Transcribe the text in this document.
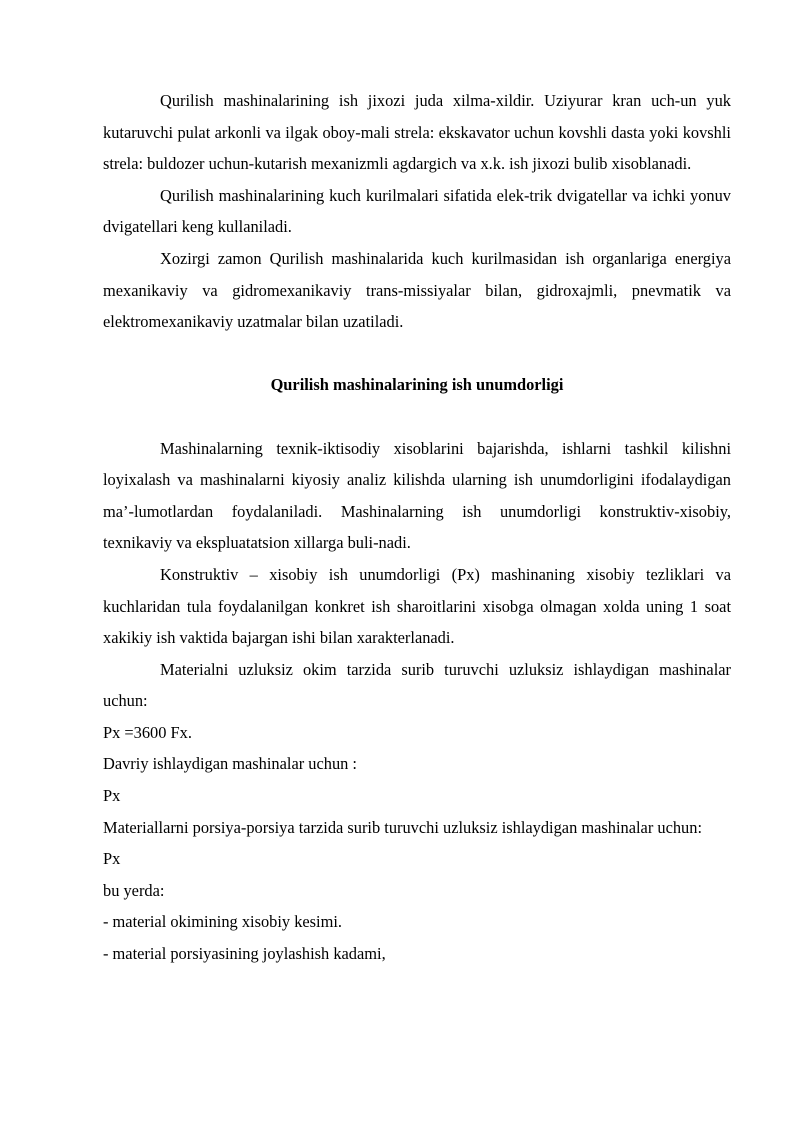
Qurilish mashinalarining ish jixozi juda xilma-xildir. Uziyurar kran uch-un yuk kutaruvchi pulat arkonli va ilgak oboy-mali strela: ekskavator uchun kovshli dasta yoki kovshli strela: buldozer uchun-kutarish mexanizmli agdargich va x.k. ish jixozi bulib xisoblanadi.

Qurilish mashinalarining kuch kurilmalari sifatida elek-trik dvigatellar va ichki yonuv dvigatellari keng kullaniladi.

Xozirgi zamon Qurilish mashinalarida kuch kurilmasidan ish organlariga energiya mexanikaviy va gidromexanikaviy trans-missiyalar bilan, gidroxajmli, pnevmatik va elektromexanikaviy uzatmalar bilan uzatiladi.

Qurilish mashinalarining ish unumdorligi

Mashinalarning texnik-iktisodiy xisoblarini bajarishda, ishlarni tashkil kilishni loyixalash va mashinalarni kiyosiy analiz kilishda ularning ish unumdorligini ifodalaydigan ma’-lumotlardan foydalaniladi. Mashinalarning ish unumdorligi konstruktiv-xisobiy, texnikaviy va ekspluatatsion xillarga buli-nadi.

Konstruktiv – xisobiy ish unumdorligi (Px) mashinaning xisobiy tezliklari va kuchlaridan tula foydalanilgan konkret ish sharoitlarini xisobga olmagan xolda uning 1 soat xakikiy ish vaktida bajargan ishi bilan xarakterlanadi.

Materialni uzluksiz okim tarzida surib turuvchi uzluksiz ishlaydigan mashinalar uchun:

Px =3600 Fx.

Davriy ishlaydigan mashinalar uchun :

Px

Materiallarni porsiya-porsiya tarzida surib turuvchi uzluksiz ishlaydigan mashinalar uchun:

Px

bu yerda:

- material okimining xisobiy kesimi.

- material porsiyasining joylashish kadami,
